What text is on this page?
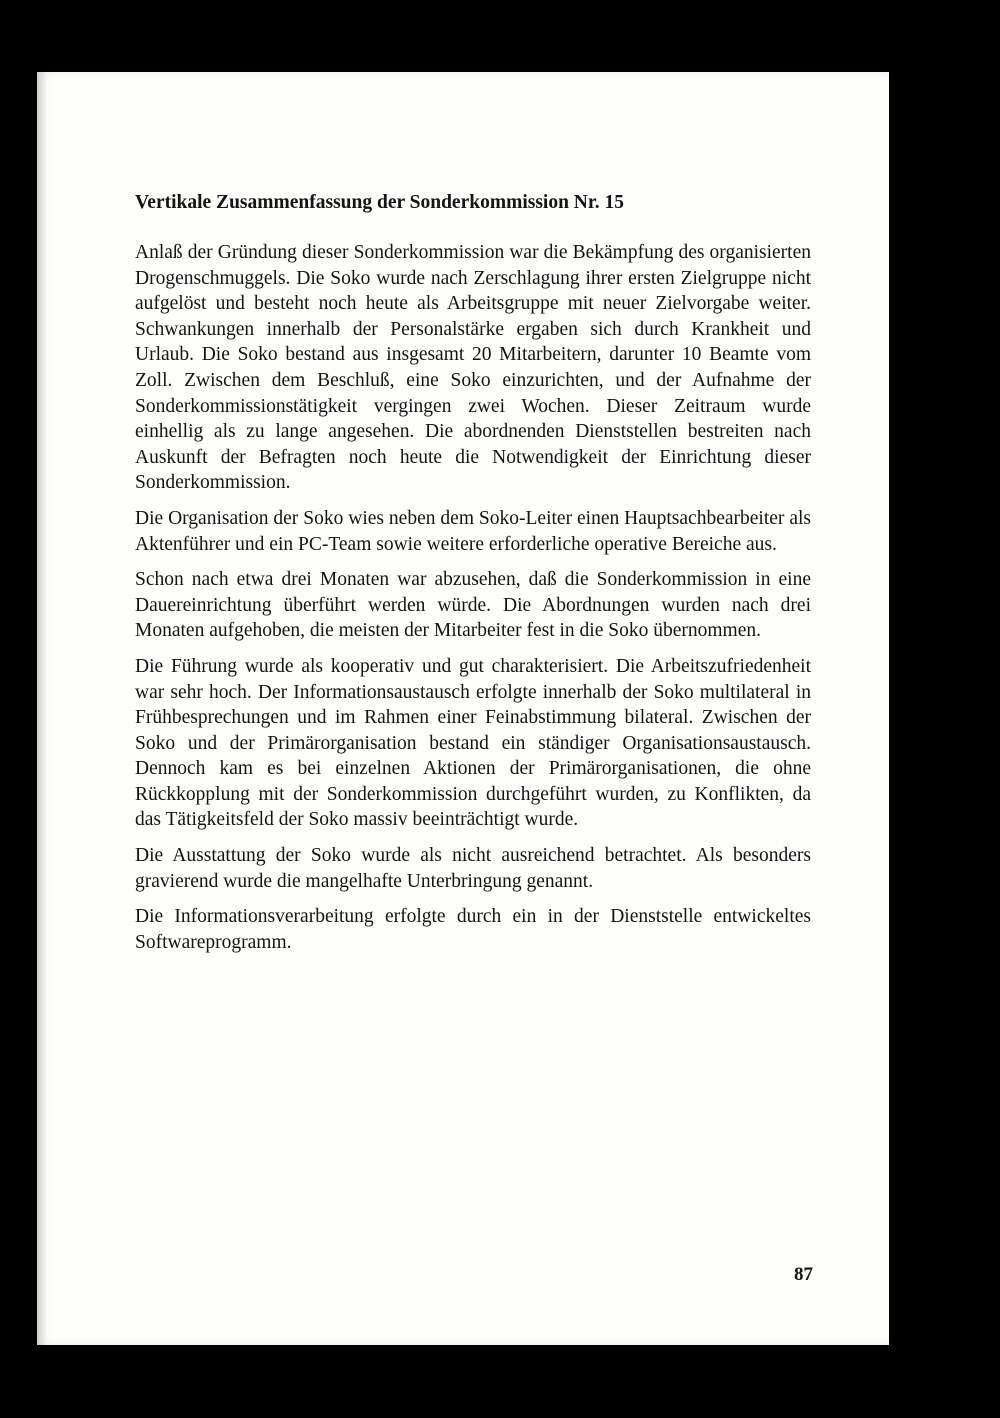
Vertikale Zusammenfassung der Sonderkommission Nr. 15

Anlaß der Gründung dieser Sonderkommission war die Bekämpfung des organisierten Drogenschmuggels. Die Soko wurde nach Zerschlagung ihrer ersten Zielgruppe nicht aufgelöst und besteht noch heute als Arbeitsgruppe mit neuer Zielvorgabe weiter. Schwankungen innerhalb der Personalstärke ergaben sich durch Krankheit und Urlaub. Die Soko bestand aus insgesamt 20 Mitarbeitern, darunter 10 Beamte vom Zoll. Zwischen dem Beschluß, eine Soko einzurichten, und der Aufnahme der Sonderkommissionstätigkeit vergingen zwei Wochen. Dieser Zeitraum wurde einhellig als zu lange angesehen. Die abordnenden Dienststellen bestreiten nach Auskunft der Befragten noch heute die Notwendigkeit der Einrichtung dieser Sonderkommission.

Die Organisation der Soko wies neben dem Soko-Leiter einen Hauptsachbearbeiter als Aktenführer und ein PC-Team sowie weitere erforderliche operative Bereiche aus.

Schon nach etwa drei Monaten war abzusehen, daß die Sonderkommission in eine Dauereinrichtung überführt werden würde. Die Abordnungen wurden nach drei Monaten aufgehoben, die meisten der Mitarbeiter fest in die Soko übernommen.

Die Führung wurde als kooperativ und gut charakterisiert. Die Arbeitszufriedenheit war sehr hoch. Der Informationsaustausch erfolgte innerhalb der Soko multilateral in Frühbesprechungen und im Rahmen einer Feinabstimmung bilateral. Zwischen der Soko und der Primärorganisation bestand ein ständiger Organisationsaustausch. Dennoch kam es bei einzelnen Aktionen der Primärorganisationen, die ohne Rückkopplung mit der Sonderkommission durchgeführt wurden, zu Konflikten, da das Tätigkeitsfeld der Soko massiv beeinträchtigt wurde.

Die Ausstattung der Soko wurde als nicht ausreichend betrachtet. Als besonders gravierend wurde die mangelhafte Unterbringung genannt.

Die Informationsverarbeitung erfolgte durch ein in der Dienststelle entwickeltes Softwareprogramm.

87
